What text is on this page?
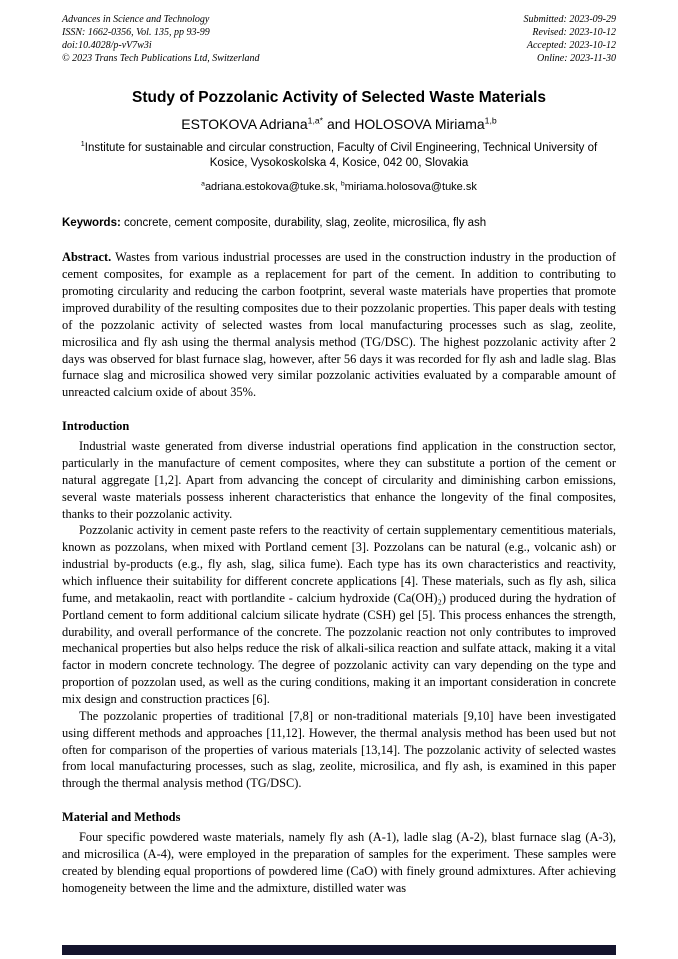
Advances in Science and Technology
ISSN: 1662-0356, Vol. 135, pp 93-99
doi:10.4028/p-vV7w3i
© 2023 Trans Tech Publications Ltd, Switzerland
Submitted: 2023-09-29
Revised: 2023-10-12
Accepted: 2023-10-12
Online: 2023-11-30
Study of Pozzolanic Activity of Selected Waste Materials
ESTOKOVA Adriana$^{1,a*}$ and HOLOSOVA Miriama$^{1,b}$
$^1$Institute for sustainable and circular construction, Faculty of Civil Engineering, Technical University of Kosice, Vysokoskolska 4, Kosice, 042 00, Slovakia
$^a$adriana.estokova@tuke.sk, $^b$miriama.holosova@tuke.sk
Keywords: concrete, cement composite, durability, slag, zeolite, microsilica, fly ash

Abstract. Wastes from various industrial processes are used in the construction industry in the production of cement composites, for example as a replacement for part of the cement. In addition to contributing to promoting circularity and reducing the carbon footprint, several waste materials have properties that promote improved durability of the resulting composites due to their pozzolanic properties. This paper deals with testing of the pozzolanic activity of selected wastes from local manufacturing processes such as slag, zeolite, microsilica and fly ash using the thermal analysis method (TG/DSC). The highest pozzolanic activity after 2 days was observed for blast furnace slag, however, after 56 days it was recorded for fly ash and ladle slag. Blas furnace slag and microsilica showed very similar pozzolanic activities evaluated by a comparable amount of unreacted calcium oxide of about 35%.

Introduction

Industrial waste generated from diverse industrial operations find application in the construction sector, particularly in the manufacture of cement composites, where they can substitute a portion of the cement or natural aggregate [1,2]. Apart from advancing the concept of circularity and diminishing carbon emissions, several waste materials possess inherent characteristics that enhance the longevity of the final composites, thanks to their pozzolanic activity.

Pozzolanic activity in cement paste refers to the reactivity of certain supplementary cementitious materials, known as pozzolans, when mixed with Portland cement [3]. Pozzolans can be natural (e.g., volcanic ash) or industrial by-products (e.g., fly ash, slag, silica fume). Each type has its own characteristics and reactivity, which influence their suitability for different concrete applications [4]. These materials, such as fly ash, silica fume, and metakaolin, react with portlandite - calcium hydroxide (Ca(OH)₂) produced during the hydration of Portland cement to form additional calcium silicate hydrate (CSH) gel [5]. This process enhances the strength, durability, and overall performance of the concrete. The pozzolanic reaction not only contributes to improved mechanical properties but also helps reduce the risk of alkali-silica reaction and sulfate attack, making it a vital factor in modern concrete technology. The degree of pozzolanic activity can vary depending on the type and proportion of pozzolan used, as well as the curing conditions, making it an important consideration in concrete mix design and construction practices [6].

The pozzolanic properties of traditional [7,8] or non-traditional materials [9,10] have been investigated using different methods and approaches [11,12]. However, the thermal analysis method has been used but not often for comparison of the properties of various materials [13,14]. The pozzolanic activity of selected wastes from local manufacturing processes, such as slag, zeolite, microsilica, and fly ash, is examined in this paper through the thermal analysis method (TG/DSC).

Material and Methods

Four specific powdered waste materials, namely fly ash (A-1), ladle slag (A-2), blast furnace slag (A-3), and microsilica (A-4), were employed in the preparation of samples for the experiment. These samples were created by blending equal proportions of powdered lime (CaO) with finely ground admixtures. After achieving homogeneity between the lime and the admixture, distilled water was
